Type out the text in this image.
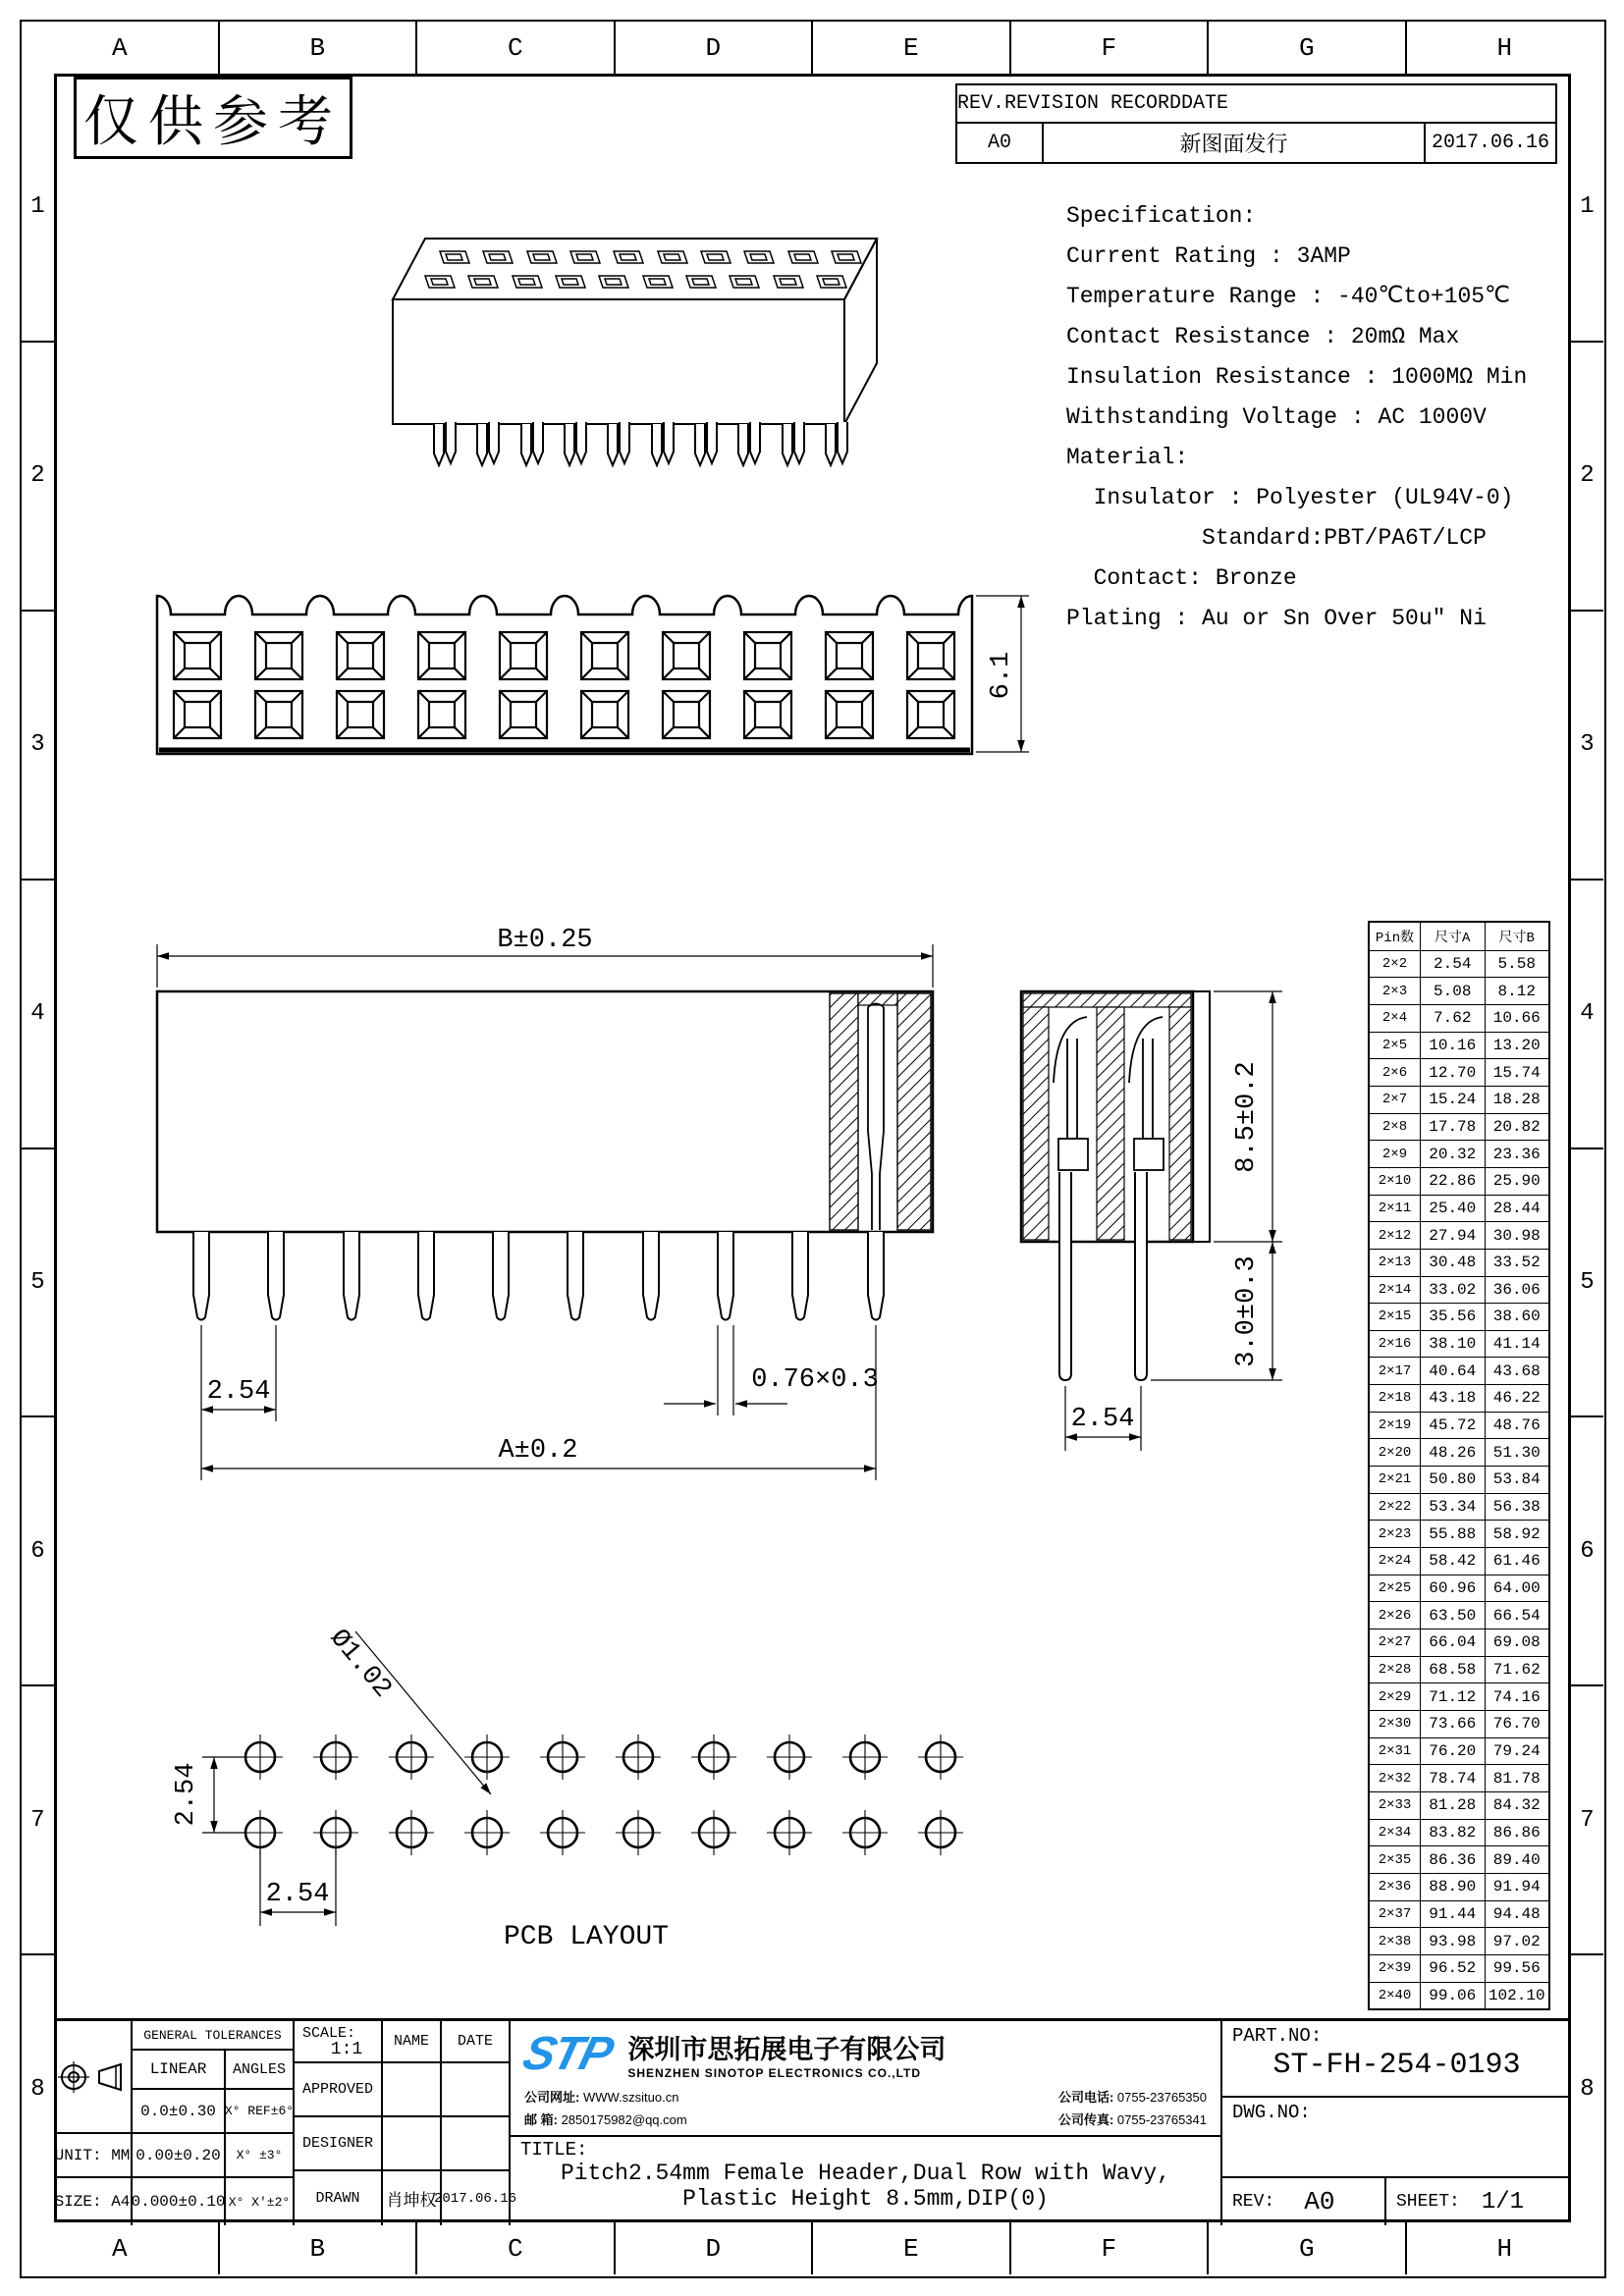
A	B	C	D	E	F	G	H
A	B	C	D	E	F	G	H
1
2
3
4
5
6
7
8
1
2
3
4
5
6
7
8
仅供参考	REV. REVISION RECORD DATE
A0	新图面发行	2017.06.16
Specification:
Current Rating : 3AMP
Temperature Range : -40℃to+105℃
Contact Resistance : 20mΩ Max
Insulation Resistance : 1000MΩ Min
Withstanding Voltage : AC 1000V
Material:
Insulator : Polyester (UL94V-0)
Standard:PBT/PA6T/LCP
Contact: Bronze
Plating : Au or Sn Over 50u" Ni
Pin数	尺寸A	尺寸B
2×2	2.54	5.58
2×3	5.08	8.12
2×4	7.62	10.66
2×5	10.16	13.20
2×6	12.70	15.74
2×7	15.24	18.28
2×8	17.78	20.82
2×9	20.32	23.36
2×10	22.86	25.90
2×11	25.40	28.44
2×12	27.94	30.98
2×13	30.48	33.52
2×14	33.02	36.06
2×15	35.56	38.60
2×16	38.10	41.14
2×17	40.64	43.68
2×18	43.18	46.22
2×19	45.72	48.76
2×20	48.26	51.30
2×21	50.80	53.84
2×22	53.34	56.38
2×23	55.88	58.92
2×24	58.42	61.46
2×25	60.96	64.00
2×26	63.50	66.54
2×27	66.04	69.08
2×28	68.58	71.62
2×29	71.12	74.16
2×30	73.66	76.70
2×31	76.20	79.24
2×32	78.74	81.78
2×33	81.28	84.32
2×34	83.82	86.86
2×35	86.36	89.40
2×36	88.90	91.94
2×37	91.44	94.48
2×38	93.98	97.02
2×39	96.52	99.56
2×40	99.06 102.10
6.1
B±0.25
2.54	0.76×0.3
A±0.2
8.5±0.2
3.0±0.3
2.54
Ø1.02
2.54
2.54
PCB LAYOUT
UNIT: MM
SIZE: A4
GENERAL TOLERANCES
LINEAR	ANGLES
0.0±0.30 X° REF±6°
0.00±0.20	X° ±3°
0.000±0.10 X° X'±2°
SCALE:
1:1	NAME	DATE
APPROVED
DESIGNER
DRAWN	肖坤权
2017.06.16
STP 深圳市思拓展电子有限公司
SHENZHEN SINOTOP ELECTRONICS CO.,LTD
公司网址: WWW.szsituo.cn
邮 箱: 2850175982@qq.com
公司电话: 0755-23765350
公司传真: 0755-23765341
TITLE:
Pitch2.54mm Female Header,Dual Row with Wavy,
Plastic Height 8.5mm,DIP(0)
PART.NO:
ST-FH-254-0193
DWG.NO:
REV: A0	SHEET: 1/1
